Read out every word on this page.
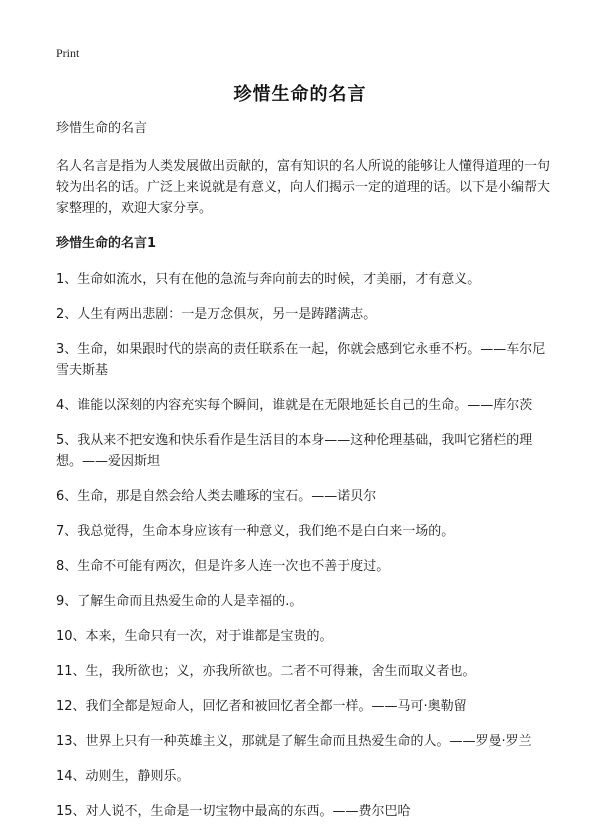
Print
珍惜生命的名言

珍惜生命的名言

名人名言是指为人类发展做出贡献的，富有知识的名人所说的能够让人懂得道理的一句较为出名的话。广泛上来说就是有意义，向人们揭示一定的道理的话。以下是小编帮大家整理的，欢迎大家分享。

珍惜生命的名言1

1、生命如流水，只有在他的急流与奔向前去的时候，才美丽，才有意义。

2、人生有两出悲剧：一是万念俱灰，另一是踌躇满志。

3、生命，如果跟时代的崇高的责任联系在一起，你就会感到它永垂不朽。——车尔尼雪夫斯基

4、谁能以深刻的内容充实每个瞬间，谁就是在无限地延长自己的生命。——库尔茨

5、我从来不把安逸和快乐看作是生活目的本身——这种伦理基础，我叫它猪栏的理想。——爱因斯坦

6、生命，那是自然会给人类去雕琢的宝石。——诺贝尔

7、我总觉得，生命本身应该有一种意义，我们绝不是白白来一场的。

8、生命不可能有两次，但是许多人连一次也不善于度过。

9、了解生命而且热爱生命的人是幸福的.。

10、本来，生命只有一次，对于谁都是宝贵的。

11、生，我所欲也；义，亦我所欲也。二者不可得兼，舍生而取义者也。

12、我们全都是短命人，回忆者和被回忆者全都一样。——马可·奥勒留

13、世界上只有一种英雄主义，那就是了解生命而且热爱生命的人。——罗曼·罗兰

14、动则生，静则乐。

15、对人说不，生命是一切宝物中最高的东西。——费尔巴哈
